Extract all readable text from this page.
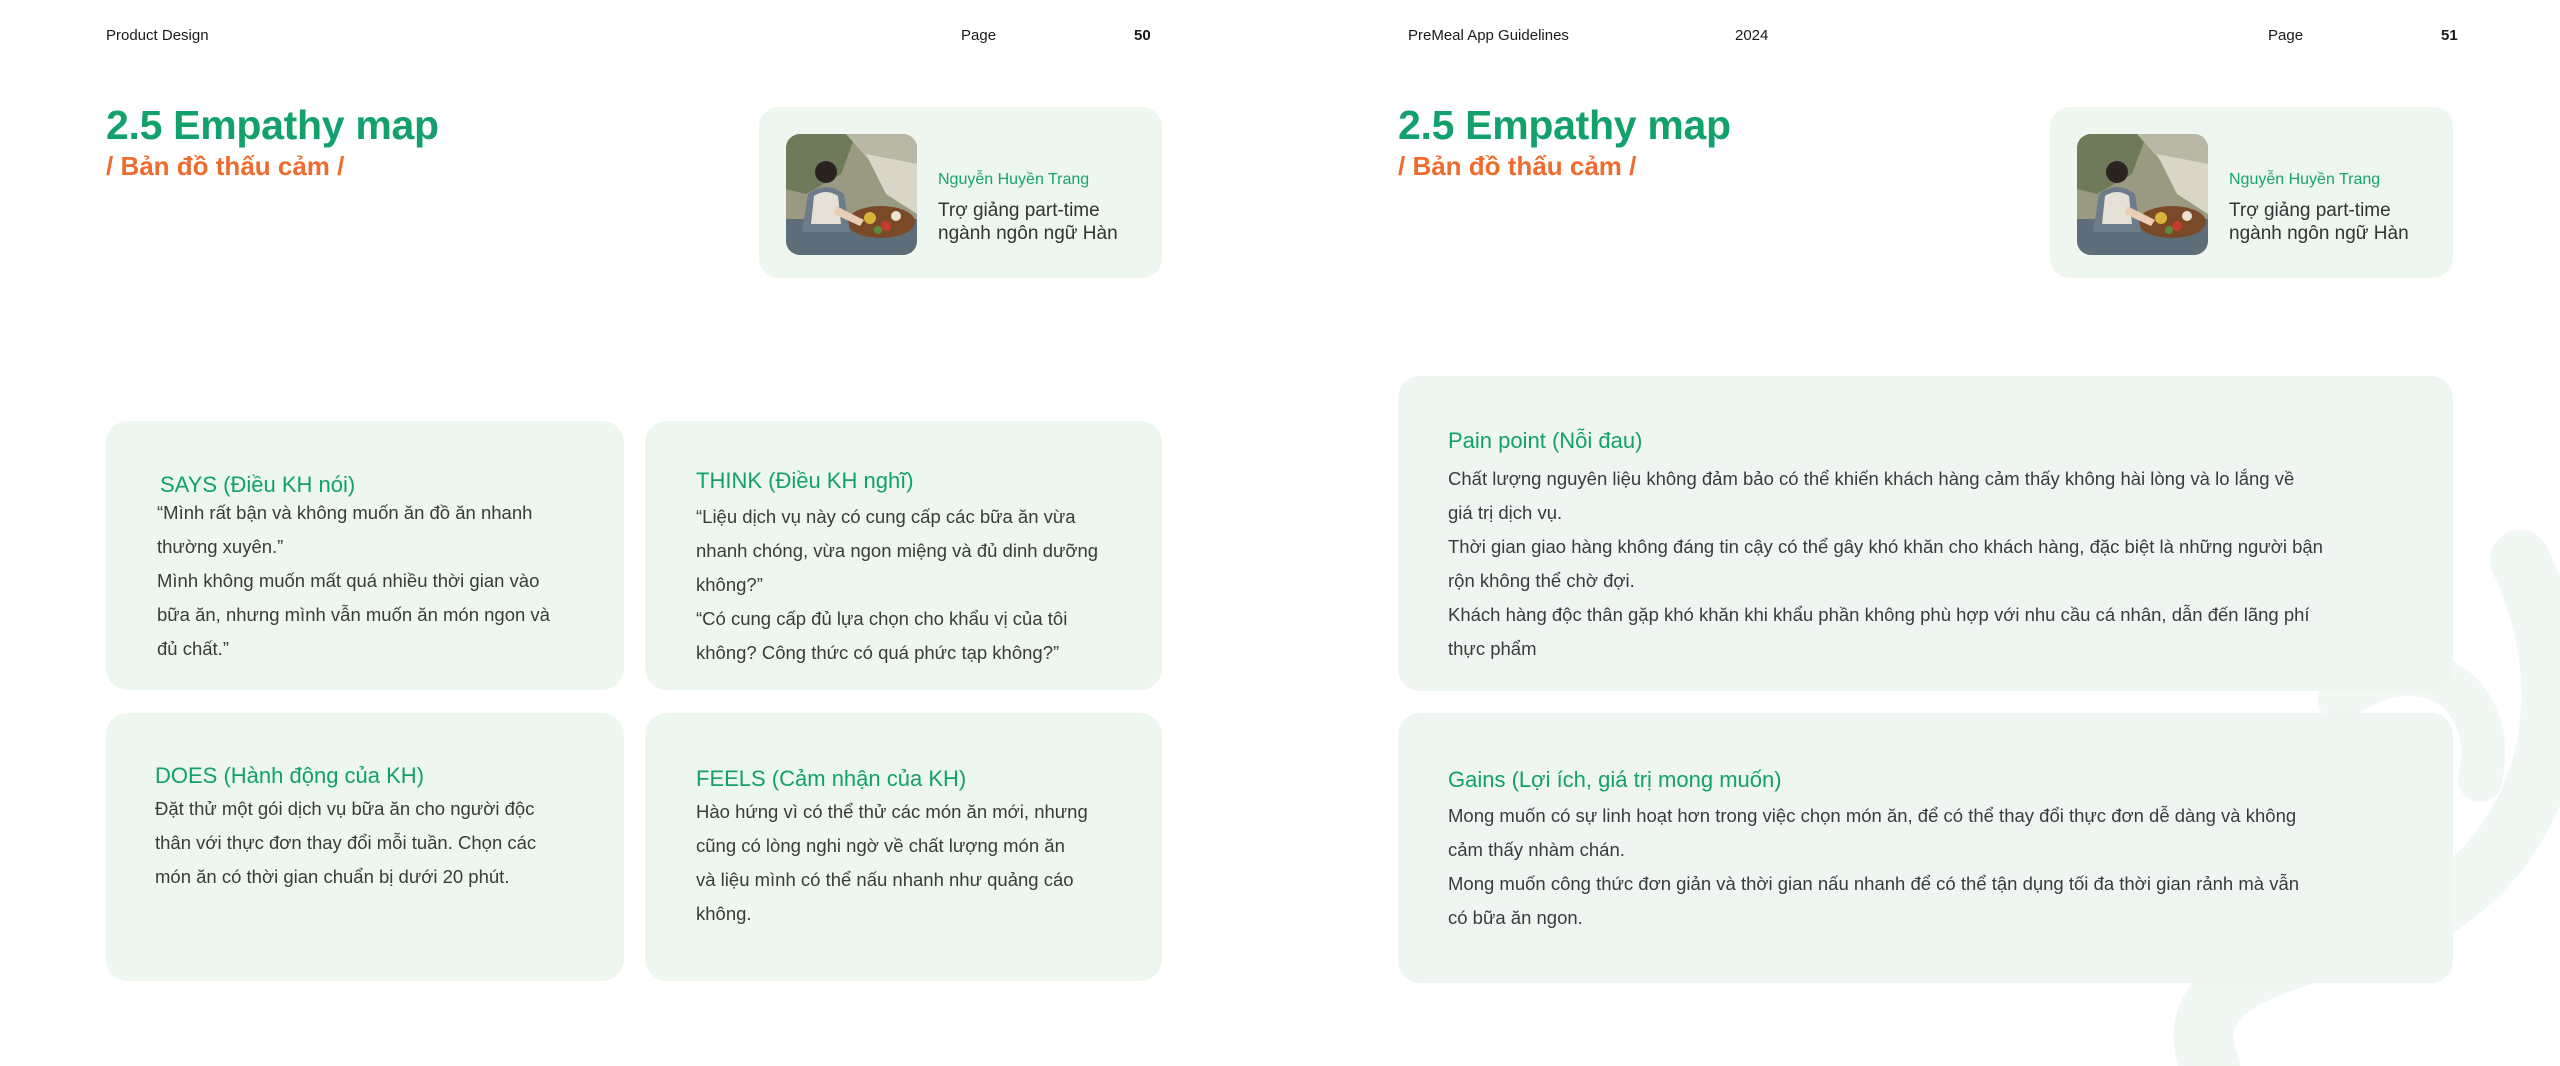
Product Design	Page	50
2.5 Empathy map
/ Bản đồ thấu cảm /	Nguyễn Huyền Trang
Trợ giảng part-time
ngành ngôn ngữ Hàn
SAYS (Điều KH nói)

“Mình rất bận và không muốn ăn đồ ăn nhanh

thường xuyên.”

Mình không muốn mất quá nhiều thời gian vào

bữa ăn, nhưng mình vẫn muốn ăn món ngon và

đủ chất.”

THINK (Điều KH nghĩ)

“Liệu dịch vụ này có cung cấp các bữa ăn vừa

nhanh chóng, vừa ngon miệng và đủ dinh dưỡng

không?”

“Có cung cấp đủ lựa chọn cho khẩu vị của tôi

không? Công thức có quá phức tạp không?”

DOES (Hành động của KH)

Đặt thử một gói dịch vụ bữa ăn cho người độc

thân với thực đơn thay đổi mỗi tuần. Chọn các

món ăn có thời gian chuẩn bị dưới 20 phút.

FEELS (Cảm nhận của KH)

Hào hứng vì có thể thử các món ăn mới, nhưng

cũng có lòng nghi ngờ về chất lượng món ăn

và liệu mình có thể nấu nhanh như quảng cáo

không.

PreMeal App Guidelines	2024	Page	51
2.5 Empathy map
/ Bản đồ thấu cảm /	Nguyễn Huyền Trang
Trợ giảng part-time
ngành ngôn ngữ Hàn
Pain point (Nỗi đau)

Chất lượng nguyên liệu không đảm bảo có thể khiến khách hàng cảm thấy không hài lòng và lo lắng về

giá trị dịch vụ.

Thời gian giao hàng không đáng tin cậy có thể gây khó khăn cho khách hàng, đặc biệt là những người bận

rộn không thể chờ đợi.

Khách hàng độc thân gặp khó khăn khi khẩu phần không phù hợp với nhu cầu cá nhân, dẫn đến lãng phí

thực phẩm

Gains (Lợi ích, giá trị mong muốn)

Mong muốn có sự linh hoạt hơn trong việc chọn món ăn, để có thể thay đổi thực đơn dễ dàng và không

cảm thấy nhàm chán.

Mong muốn công thức đơn giản và thời gian nấu nhanh để có thể tận dụng tối đa thời gian rảnh mà vẫn

có bữa ăn ngon.
